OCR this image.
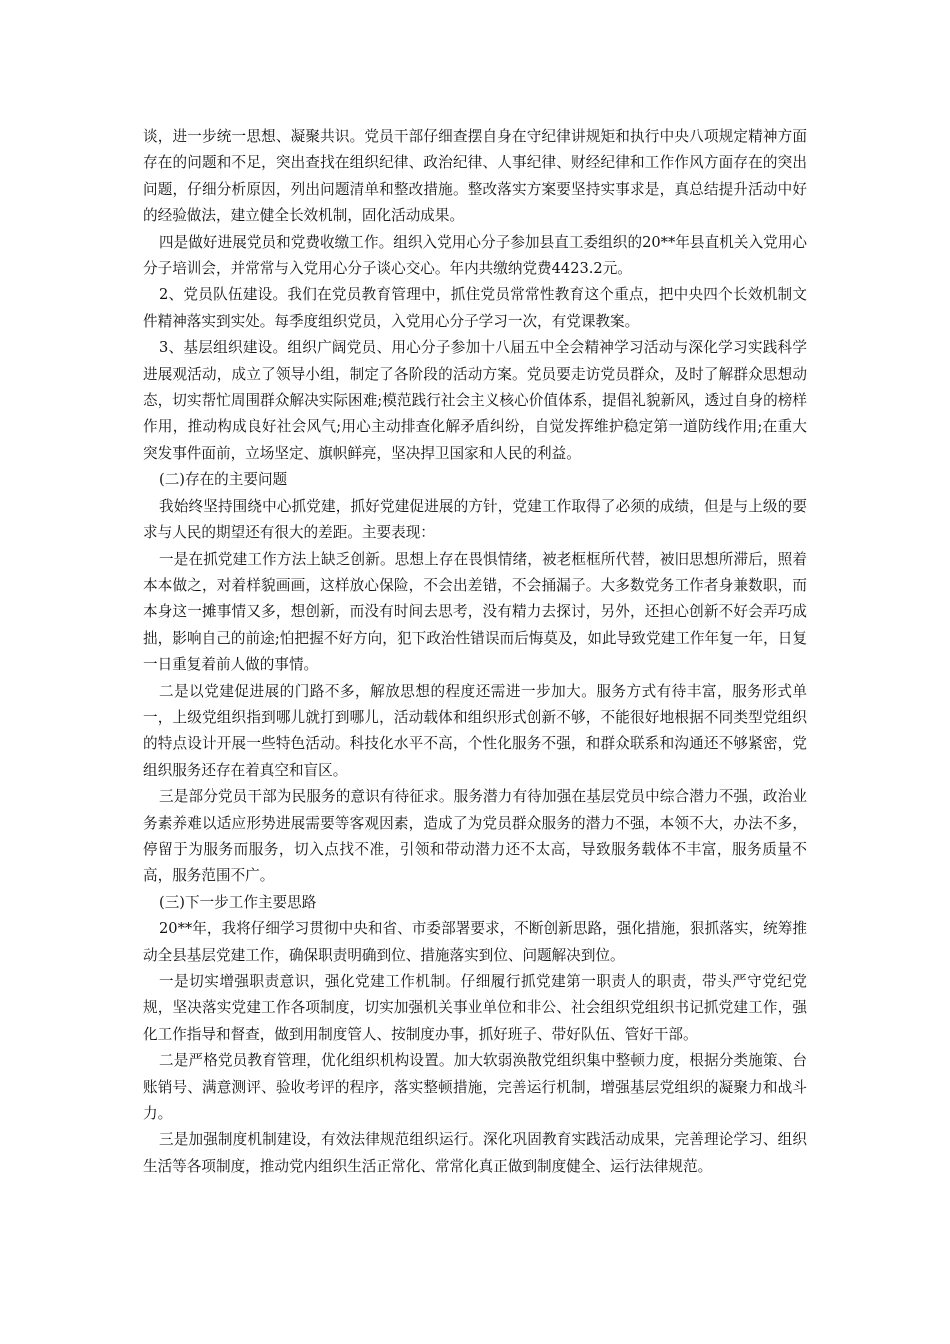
谈，进一步统一思想、凝聚共识。党员干部仔细查摆自身在守纪律讲规矩和执行中央八项规定精神方面存在的问题和不足，突出查找在组织纪律、政治纪律、人事纪律、财经纪律和工作作风方面存在的突出问题，仔细分析原因，列出问题清单和整改措施。整改落实方案要坚持实事求是，真总结提升活动中好的经验做法，建立健全长效机制，固化活动成果。

四是做好进展党员和党费收缴工作。组织入党用心分子参加县直工委组织的20**年县直机关入党用心分子培训会，并常常与入党用心分子谈心交心。年内共缴纳党费4423.2元。

2、党员队伍建设。我们在党员教育管理中，抓住党员常常性教育这个重点，把中央四个长效机制文件精神落实到实处。每季度组织党员，入党用心分子学习一次，有党课教案。

3、基层组织建设。组织广阔党员、用心分子参加十八届五中全会精神学习活动与深化学习实践科学进展观活动，成立了领导小组，制定了各阶段的活动方案。党员要走访党员群众，及时了解群众思想动态，切实帮忙周围群众解决实际困难;模范践行社会主义核心价值体系，提倡礼貌新风，透过自身的榜样作用，推动构成良好社会风气;用心主动排查化解矛盾纠纷，自觉发挥维护稳定第一道防线作用;在重大突发事件面前，立场坚定、旗帜鲜亮，坚决捍卫国家和人民的利益。

(二)存在的主要问题

我始终坚持围绕中心抓党建，抓好党建促进展的方针，党建工作取得了必须的成绩，但是与上级的要求与人民的期望还有很大的差距。主要表现：

一是在抓党建工作方法上缺乏创新。思想上存在畏惧情绪，被老框框所代替，被旧思想所滞后，照着本本做之，对着样貌画画，这样放心保险，不会出差错，不会捅漏子。大多数党务工作者身兼数职，而本身这一摊事情又多，想创新，而没有时间去思考，没有精力去探讨，另外，还担心创新不好会弄巧成拙，影响自己的前途;怕把握不好方向，犯下政治性错误而后悔莫及，如此导致党建工作年复一年，日复一日重复着前人做的事情。

二是以党建促进展的门路不多，解放思想的程度还需进一步加大。服务方式有待丰富，服务形式单一，上级党组织指到哪儿就打到哪儿，活动载体和组织形式创新不够，不能很好地根据不同类型党组织的特点设计开展一些特色活动。科技化水平不高，个性化服务不强，和群众联系和沟通还不够紧密，党组织服务还存在着真空和盲区。

三是部分党员干部为民服务的意识有待征求。服务潜力有待加强在基层党员中综合潜力不强，政治业务素养难以适应形势进展需要等客观因素，造成了为党员群众服务的潜力不强，本领不大，办法不多，停留于为服务而服务，切入点找不准，引领和带动潜力还不太高，导致服务载体不丰富，服务质量不高，服务范围不广。

(三)下一步工作主要思路

20**年，我将仔细学习贯彻中央和省、市委部署要求，不断创新思路，强化措施，狠抓落实，统筹推动全县基层党建工作，确保职责明确到位、措施落实到位、问题解决到位。

一是切实增强职责意识，强化党建工作机制。仔细履行抓党建第一职责人的职责，带头严守党纪党规，坚决落实党建工作各项制度，切实加强机关事业单位和非公、社会组织党组织书记抓党建工作，强化工作指导和督查，做到用制度管人、按制度办事，抓好班子、带好队伍、管好干部。

二是严格党员教育管理，优化组织机构设置。加大软弱涣散党组织集中整顿力度，根据分类施策、台账销号、满意测评、验收考评的程序，落实整顿措施，完善运行机制，增强基层党组织的凝聚力和战斗力。

三是加强制度机制建设，有效法律规范组织运行。深化巩固教育实践活动成果，完善理论学习、组织生活等各项制度，推动党内组织生活正常化、常常化真正做到制度健全、运行法律规范。
